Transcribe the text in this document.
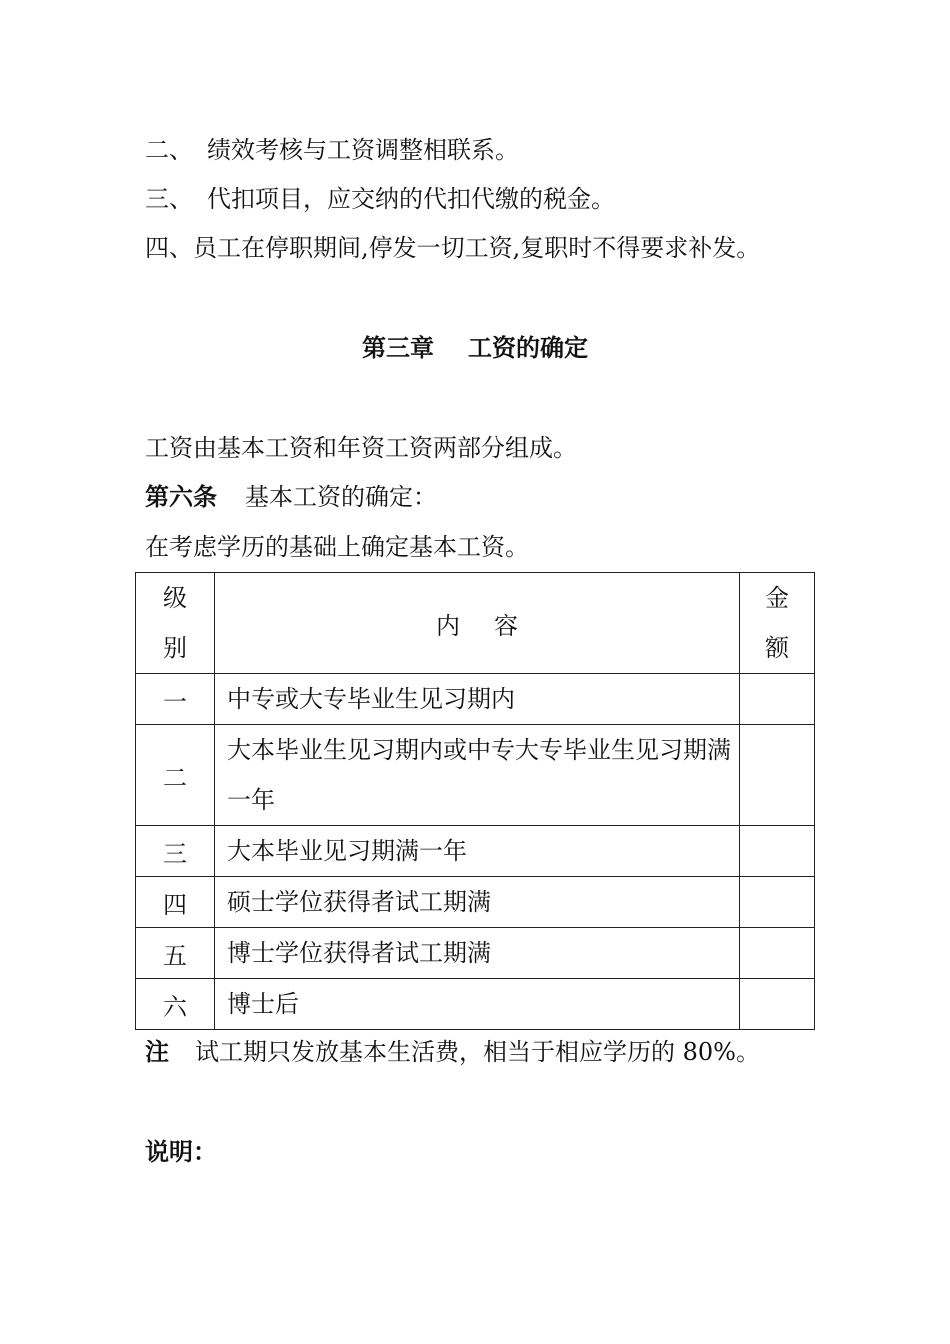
二、 绩效考核与工资调整相联系。
三、 代扣项目，应交纳的代扣代缴的税金。
四、员工在停职期间,停发一切工资,复职时不得要求补发。
第三章 工资的确定
工资由基本工资和年资工资两部分组成。
第六条 基本工资的确定：
在考虑学历的基础上确定基本工资。
级别	内 容	金额
一	中专或大专毕业生见习期内	
二	大本毕业生见习期内或中专大专毕业生见习期满一年	
三	大本毕业见习期满一年	
四	硕士学位获得者试工期满	
五	博士学位获得者试工期满	
六	博士后	
注 试工期只发放基本生活费，相当于相应学历的 80%。
说明：
